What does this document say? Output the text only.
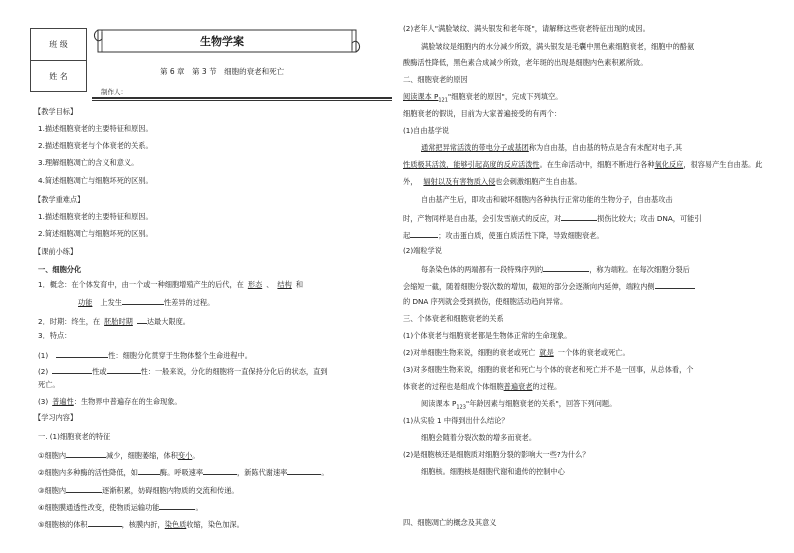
班 级
姓 名
生物学案
第 6 章　第 3 节　细胞的衰老和死亡
制作人：
【教学目标】
1.描述细胞衰老的主要特征和原因。
2.描述细胞衰老与个体衰老的关系。
3.理解细胞凋亡的含义和意义。
4.简述细胞凋亡与细胞坏死的区别。
【教学重难点】
1.描述细胞衰老的主要特征和原因。
2.简述细胞凋亡与细胞坏死的区别。
【课前小练】
一、细胞分化
1．概念：在个体发育中，由一个或一种细胞增殖产生的后代，在 形态 、 结构 和
功能 上发生	性差异的过程。
2．时期：终生，在 胚胎时期 达最大限度。
3．特点：
(1)	性：细胞分化贯穿于生物体整个生命进程中。
(2)	性或	性：一般来说，分化的细胞将一直保持分化后的状态，直到
死亡。
(3) 普遍性：生物界中普遍存在的生命现象。
【学习内容】
一. (1)细胞衰老的特征
①细胞内	减少，细胞萎缩，体积变小。
②细胞内多种酶的活性降低，如	酶。呼吸速率	，新陈代谢速率	。
③细胞内	逐渐积累，妨碍细胞内物质的交流和传递。
④细胞膜通透性改变，使物质运输功能	。
⑤细胞核的体积	，核膜内折，染色质收缩，染色加深。
(2)老年人"满脸皱纹、满头银发和老年斑"，请解释这些衰老特征出现的成因。
满脸皱纹是细胞内的水分减少所致，满头银发是毛囊中黑色素细胞衰老，细胞中的酪氨
酸酶活性降低，黑色素合成减少所致，老年斑的出现是细胞内色素积累所致。
二、细胞衰老的原因
阅读课本 $P_{121}$"细胞衰老的原因"，完成下列填空。
细胞衰老的假说，目前为大家普遍接受的有两个：
(1)自由基学说
通常把异常活泼的带电分子或基团称为自由基，自由基的特点是含有未配对电子,其
性质极其活泼，能够引起高度的反应活泼性。在生命活动中，细胞不断进行各种氧化反应，很容易产生自由基。此
外， 辐射以及有害物质入侵也会刺激细胞产生自由基。
自由基产生后，即攻击和破坏细胞内各种执行正常功能的生物分子，自由基攻击
时，产物同样是自由基，会引发雪崩式的反应，对	损伤比较大；攻击 DNA，可能引
起	；攻击蛋白质，使蛋白质活性下降，导致细胞衰老。
(2)端粒学说
每条染色体的两端都有一段特殊序列的	，称为端粒。在每次细胞分裂后
会缩短一截，随着细胞分裂次数的增加，截短的部分会逐渐向内延伸，端粒内侧
的 DNA 序列就会受到损伤，使细胞活动趋向异常。
三、个体衰老和细胞衰老的关系
(1)个体衰老与细胞衰老都是生物体正常的生命现象。
(2)对单细胞生物来说，细胞的衰老或死亡 就是 一个体的衰老或死亡。
(3)对多细胞生物来说，细胞的衰老和死亡与个体的衰老和死亡并不是一回事，从总体看，个
体衰老的过程也是组成个体细胞普遍衰老的过程。
阅读课本 $P_{123}$"年龄因素与细胞衰老的关系"，回答下列问题。
(1)从实验 1 中得到出什么结论？
细胞会随着分裂次数的增多而衰老。
(2)是细胞核还是细胞质对细胞分裂的影响大一些?为什么？
细胞核。细胞核是细胞代谢和遗传的控制中心
四、细胞凋亡的概念及其意义
